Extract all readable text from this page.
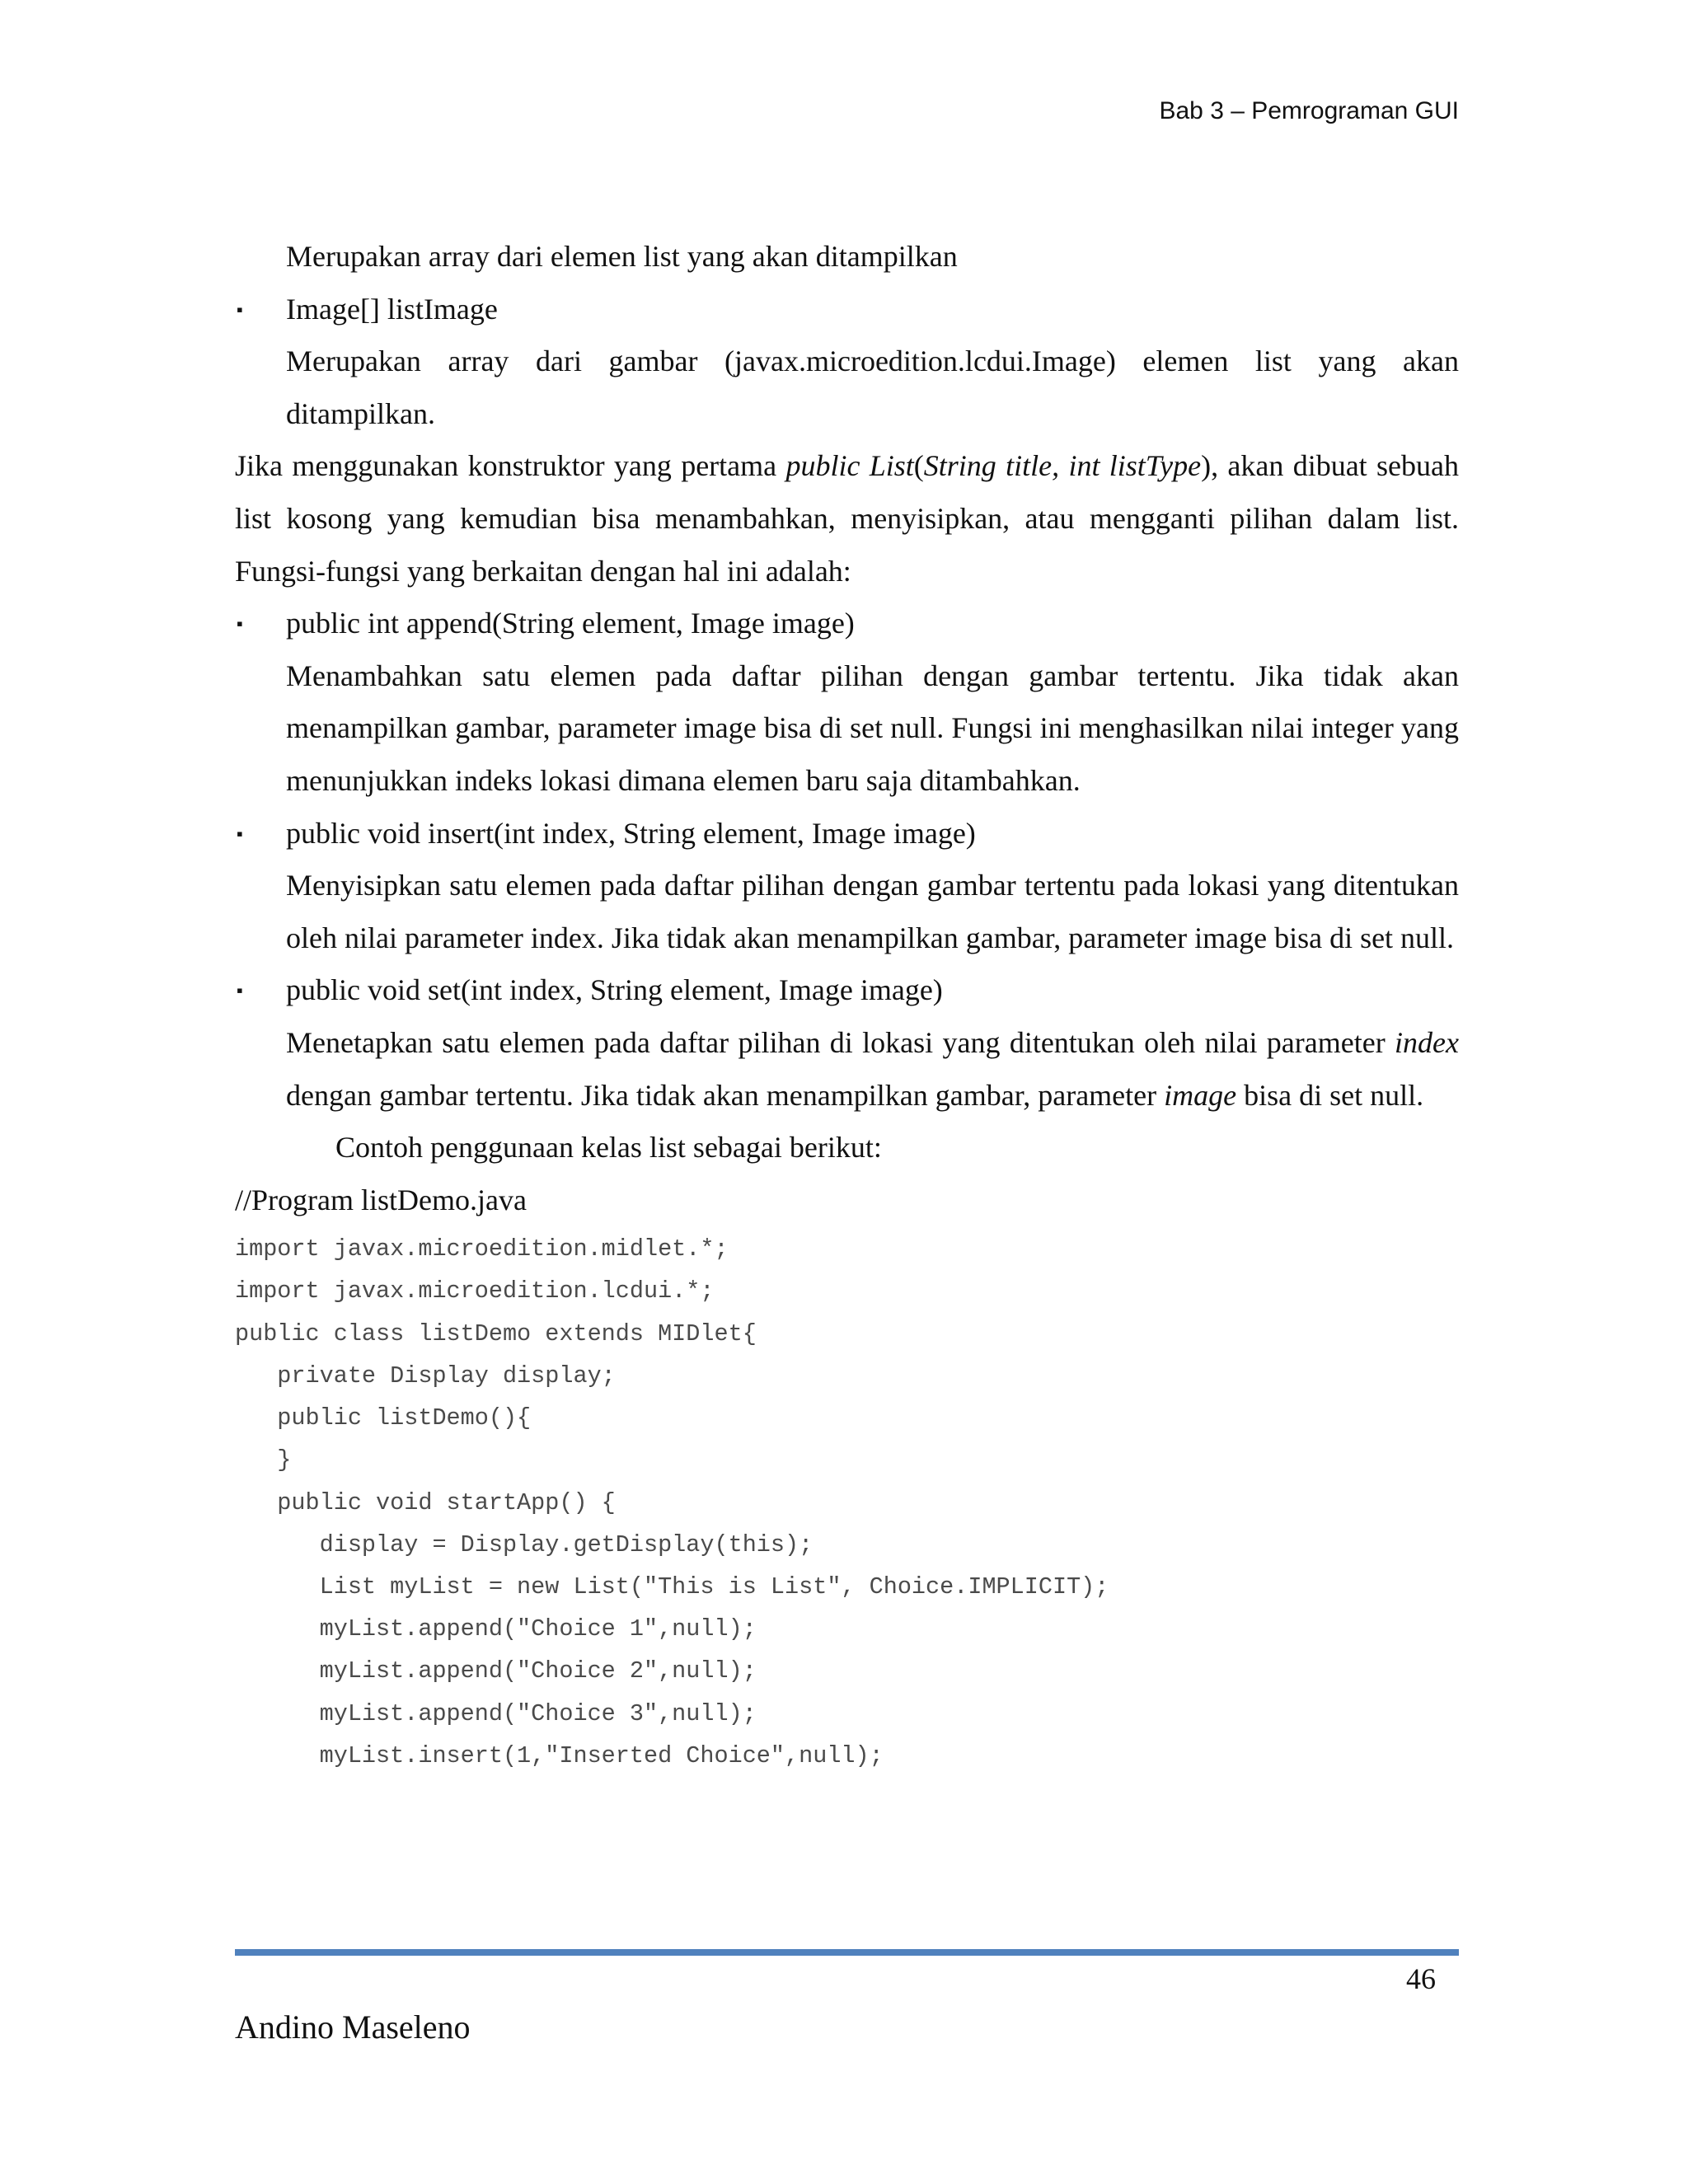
Bab 3 – Pemrograman GUI

Merupakan array dari elemen list yang akan ditampilkan

▪ Image[] listImage

Merupakan array dari gambar (javax.microedition.lcdui.Image) elemen list yang akan ditampilkan.

Jika menggunakan konstruktor yang pertama public List(String title, int listType), akan dibuat sebuah list kosong yang kemudian bisa menambahkan, menyisipkan, atau mengganti pilihan dalam list. Fungsi-fungsi yang berkaitan dengan hal ini adalah:

▪ public int append(String element, Image image)

Menambahkan satu elemen pada daftar pilihan dengan gambar tertentu. Jika tidak akan menampilkan gambar, parameter image bisa di set null. Fungsi ini menghasilkan nilai integer yang menunjukkan indeks lokasi dimana elemen baru saja ditambahkan.

▪ public void insert(int index, String element, Image image)

Menyisipkan satu elemen pada daftar pilihan dengan gambar tertentu pada lokasi yang ditentukan oleh nilai parameter index. Jika tidak akan menampilkan gambar, parameter image bisa di set null.

▪ public void set(int index, String element, Image image)

Menetapkan satu elemen pada daftar pilihan di lokasi yang ditentukan oleh nilai parameter index dengan gambar tertentu. Jika tidak akan menampilkan gambar, parameter image bisa di set null.

Contoh penggunaan kelas list sebagai berikut:

//Program listDemo.java

import javax.microedition.midlet.*;
import javax.microedition.lcdui.*;
public class listDemo extends MIDlet{
private Display display;
public listDemo(){
}
public void startApp() {
display = Display.getDisplay(this);
List myList = new List("This is List", Choice.IMPLICIT);
myList.append("Choice 1",null);
myList.append("Choice 2",null);
myList.append("Choice 3",null);
myList.insert(1,"Inserted Choice",null);
46
Andino Maseleno
